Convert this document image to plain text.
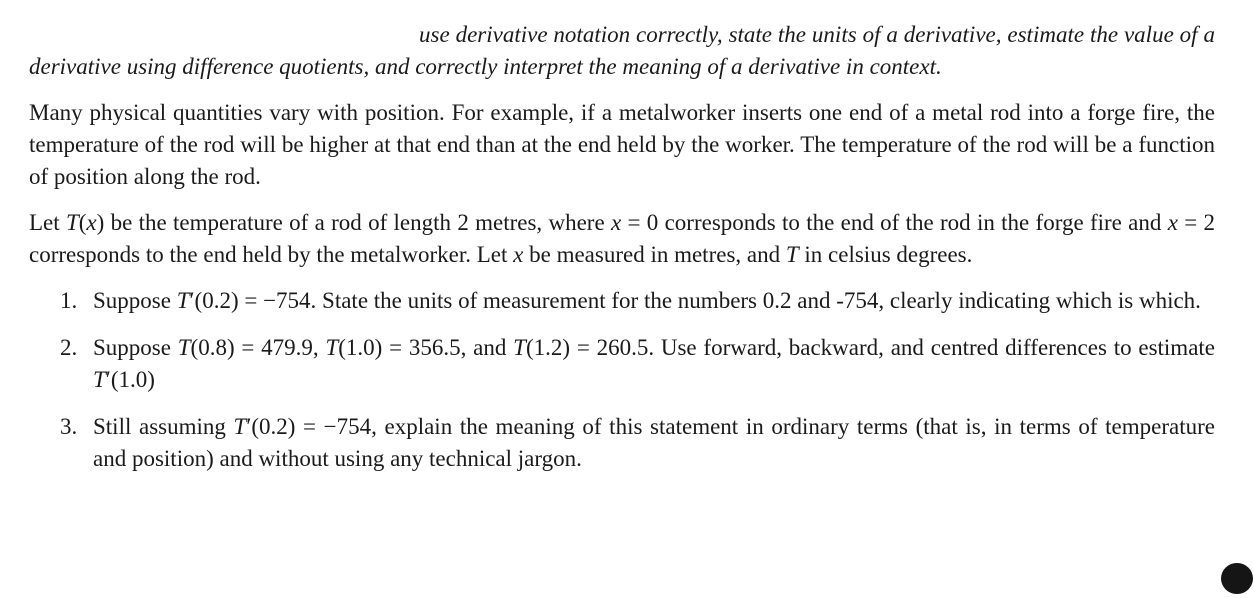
use derivative notation correctly, state the units of a derivative, estimate the value of a derivative using difference quotients, and correctly interpret the meaning of a derivative in context.

Many physical quantities vary with position. For example, if a metalworker inserts one end of a metal rod into a forge fire, the temperature of the rod will be higher at that end than at the end held by the worker. The temperature of the rod will be a function of position along the rod.

Let T(x) be the temperature of a rod of length 2 metres, where x = 0 corresponds to the end of the rod in the forge fire and x = 2 corresponds to the end held by the metalworker. Let x be measured in metres, and T in celsius degrees.

1. Suppose T′(0.2) = −754. State the units of measurement for the numbers 0.2 and -754, clearly indicating which is which.
2. Suppose T(0.8) = 479.9, T(1.0) = 356.5, and T(1.2) = 260.5. Use forward, backward, and centred differences to estimate T′(1.0)
3. Still assuming T′(0.2) = −754, explain the meaning of this statement in ordinary terms (that is, in terms of temperature and position) and without using any technical jargon.
